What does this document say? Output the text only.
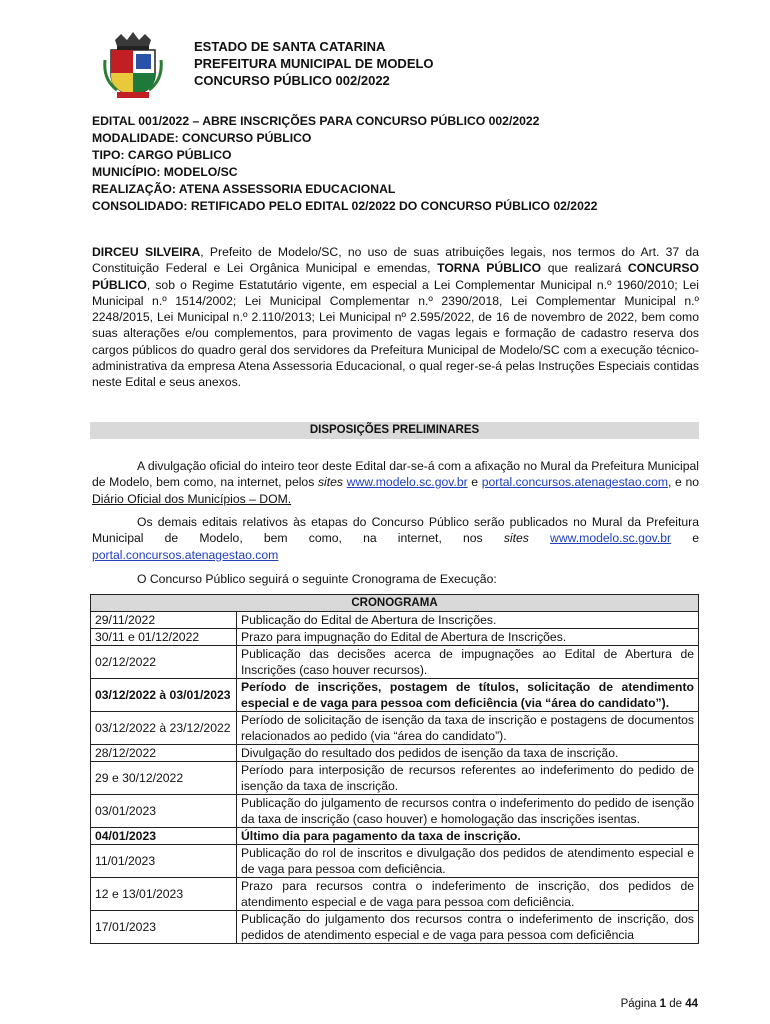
ESTADO DE SANTA CATARINA
PREFEITURA MUNICIPAL DE MODELO
CONCURSO PÚBLICO 002/2022
EDITAL 001/2022 – ABRE INSCRIÇÕES PARA CONCURSO PÚBLICO 002/2022
MODALIDADE: CONCURSO PÚBLICO
TIPO: CARGO PÚBLICO
MUNICÍPIO: MODELO/SC
REALIZAÇÃO: ATENA ASSESSORIA EDUCACIONAL
CONSOLIDADO: RETIFICADO PELO EDITAL 02/2022 DO CONCURSO PÚBLICO 02/2022
DIRCEU SILVEIRA, Prefeito de Modelo/SC, no uso de suas atribuições legais, nos termos do Art. 37 da Constituição Federal e Lei Orgânica Municipal e emendas, TORNA PÚBLICO que realizará CONCURSO PÚBLICO, sob o Regime Estatutário vigente, em especial a Lei Complementar Municipal n.º 1960/2010; Lei Municipal n.º 1514/2002; Lei Municipal Complementar n.º 2390/2018, Lei Complementar Municipal n.º 2248/2015, Lei Municipal n.º 2.110/2013; Lei Municipal nº 2.595/2022, de 16 de novembro de 2022, bem como suas alterações e/ou complementos, para provimento de vagas legais e formação de cadastro reserva dos cargos públicos do quadro geral dos servidores da Prefeitura Municipal de Modelo/SC com a execução técnico-administrativa da empresa Atena Assessoria Educacional, o qual reger-se-á pelas Instruções Especiais contidas neste Edital e seus anexos.
DISPOSIÇÕES PRELIMINARES
A divulgação oficial do inteiro teor deste Edital dar-se-á com a afixação no Mural da Prefeitura Municipal de Modelo, bem como, na internet, pelos sites www.modelo.sc.gov.br e portal.concursos.atenagestao.com, e no Diário Oficial dos Municípios – DOM.
Os demais editais relativos às etapas do Concurso Público serão publicados no Mural da Prefeitura Municipal de Modelo, bem como, na internet, nos sites www.modelo.sc.gov.br e portal.concursos.atenagestao.com
O Concurso Público seguirá o seguinte Cronograma de Execução:
CRONOGRAMA	
29/11/2022	Publicação do Edital de Abertura de Inscrições.
30/11 e 01/12/2022	Prazo para impugnação do Edital de Abertura de Inscrições.
02/12/2022	Publicação das decisões acerca de impugnações ao Edital de Abertura de Inscrições (caso houver recursos).
03/12/2022 à 03/01/2023	Período de inscrições, postagem de títulos, solicitação de atendimento especial e de vaga para pessoa com deficiência (via “área do candidato”).
03/12/2022 à 23/12/2022	Período de solicitação de isenção da taxa de inscrição e postagens de documentos relacionados ao pedido (via “área do candidato”).
28/12/2022	Divulgação do resultado dos pedidos de isenção da taxa de inscrição.
29 e 30/12/2022	Período para interposição de recursos referentes ao indeferimento do pedido de isenção da taxa de inscrição.
03/01/2023	Publicação do julgamento de recursos contra o indeferimento do pedido de isenção da taxa de inscrição (caso houver) e homologação das inscrições isentas.
04/01/2023	Último dia para pagamento da taxa de inscrição.
11/01/2023	Publicação do rol de inscritos e divulgação dos pedidos de atendimento especial e de vaga para pessoa com deficiência.
12 e 13/01/2023	Prazo para recursos contra o indeferimento de inscrição, dos pedidos de atendimento especial e de vaga para pessoa com deficiência.
17/01/2023	Publicação do julgamento dos recursos contra o indeferimento de inscrição, dos pedidos de atendimento especial e de vaga para pessoa com deficiência
Página 1 de 44
